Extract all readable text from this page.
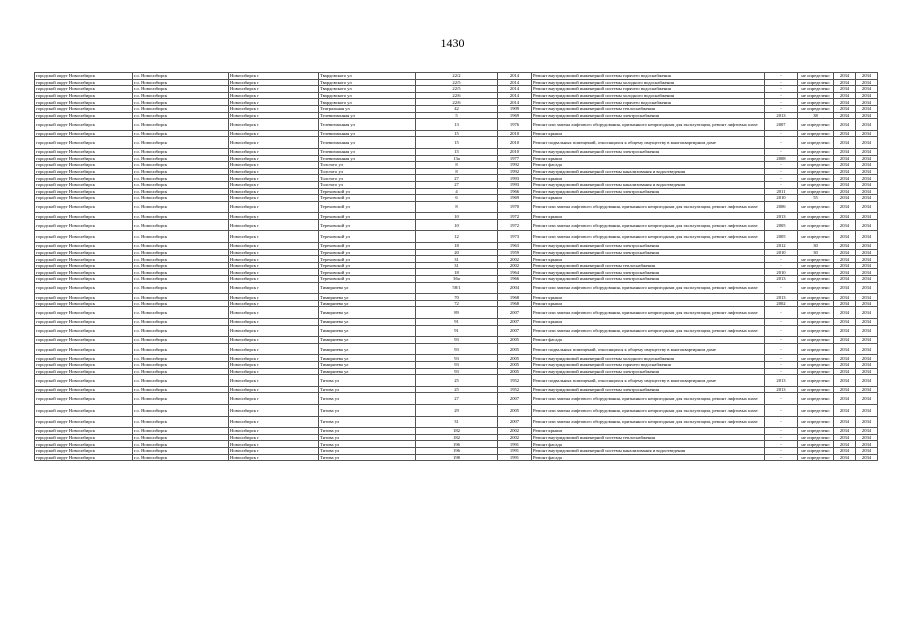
1430
городской округ Новосибирск	г.о. Новосибирск	Новосибирск г	Твардовского ул	22/2	2014	Ремонт внутридомовой инженерной системы горячего водоснабжения	-	не определено	2034	2034
городской округ Новосибирск	г.о. Новосибирск	Новосибирск г	Твардовского ул	22/5	2014	Ремонт внутридомовой инженерной системы холодного водоснабжения	-	не определено	2034	2034
городской округ Новосибирск	г.о. Новосибирск	Новосибирск г	Твардовского ул	22/5	2014	Ремонт внутридомовой инженерной системы горячего водоснабжения	-	не определено	2034	2034
городской округ Новосибирск	г.о. Новосибирск	Новосибирск г	Твардовского ул	22/6	2014	Ремонт внутридомовой инженерной системы холодного водоснабжения	-	не определено	2034	2034
городской округ Новосибирск	г.о. Новосибирск	Новосибирск г	Твардовского ул	22/6	2014	Ремонт внутридомовой инженерной системы горячего водоснабжения	-	не определено	2034	2034
городской округ Новосибирск	г.о. Новосибирск	Новосибирск г	Театральная ул	42	1909	Ремонт внутридомовой инженерной системы теплоснабжения	-	не определено	2034	2034
городской округ Новосибирск	г.о. Новосибирск	Новосибирск г	Телевизионная ул	5	1969	Ремонт внутридомовой инженерной системы электроснабжения	2013	38	2034	2034
городской округ Новосибирск	г.о. Новосибирск	Новосибирск г	Телевизионная ул	13	1976	Ремонт или замена лифтового оборудования, признанного непригодным для эксплуатации, ремонт лифтовых шахт	2007	не определено	2034	2034
городской округ Новосибирск	г.о. Новосибирск	Новосибирск г	Телевизионная ул	15	2010	Ремонт крыши	-	не определено	2034	2034
городской округ Новосибирск	г.о. Новосибирск	Новосибирск г	Телевизионная ул	15	2010	Ремонт подвальных помещений, относящихся к общему имуществу в многоквартирном доме	-	не определено	2034	2034
городской округ Новосибирск	г.о. Новосибирск	Новосибирск г	Телевизионная ул	15	2010	Ремонт внутридомовой инженерной системы электроснабжения	-	не определено	2034	2034
городской округ Новосибирск	г.о. Новосибирск	Новосибирск г	Телевизионная ул	13а	1977	Ремонт крыши	2008	не определено	2034	2034
городской округ Новосибирск	г.о. Новосибирск	Новосибирск г	Толстого ул	8	1992	Ремонт фасада	-	не определено	2034	2034
городской округ Новосибирск	г.о. Новосибирск	Новосибирск г	Толстого ул	8	1992	Ремонт внутридомовой инженерной системы канализования и водоотведения	-	не определено	2034	2034
городской округ Новосибирск	г.о. Новосибирск	Новосибирск г	Толстого ул	27	1993	Ремонт крыши	-	не определено	2034	2034
городской округ Новосибирск	г.о. Новосибирск	Новосибирск г	Толстого ул	27	1993	Ремонт внутридомовой инженерной системы канализования и водоотведения	-	не определено	2034	2034
городской округ Новосибирск	г.о. Новосибирск	Новосибирск г	Тереховской ул	4	1966	Ремонт внутридомовой инженерной системы электроснабжения	2011	не определено	2034	2034
городской округ Новосибирск	г.о. Новосибирск	Новосибирск г	Тереховской ул	6	1969	Ремонт крыши	2010	55	2034	2034
городской округ Новосибирск	г.о. Новосибирск	Новосибирск г	Тереховской ул	8	1970	Ремонт или замена лифтового оборудования, признанного непригодным для эксплуатации, ремонт лифтовых шахт	2006	не определено	2034	2034
городской округ Новосибирск	г.о. Новосибирск	Новосибирск г	Тереховской ул	10	1972	Ремонт крыши	2013	не определено	2034	2034
городской округ Новосибирск	г.о. Новосибирск	Новосибирск г	Тереховской ул	10	1972	Ремонт или замена лифтового оборудования, признанного непригодным для эксплуатации, ремонт лифтовых шахт	2005	не определено	2034	2034
городской округ Новосибирск	г.о. Новосибирск	Новосибирск г	Тереховской ул	12	1973	Ремонт или замена лифтового оборудования, признанного непригодным для эксплуатации, ремонт лифтовых шахт	2005	не определено	2034	2034
городской округ Новосибирск	г.о. Новосибирск	Новосибирск г	Тереховской ул	18	1963	Ремонт внутридомовой инженерной системы электроснабжения	2012	30	2034	2034
городской округ Новосибирск	г.о. Новосибирск	Новосибирск г	Тереховской ул	20	1959	Ремонт внутридомовой инженерной системы электроснабжения	2010	30	2034	2034
городской округ Новосибирск	г.о. Новосибирск	Новосибирск г	Тереховской ул	31	2002	Ремонт крыши	-	не определено	2034	2034
городской округ Новосибирск	г.о. Новосибирск	Новосибирск г	Тереховской ул	31	2002	Ремонт внутридомовой инженерной системы теплоснабжения	-	не определено	2034	2034
городской округ Новосибирск	г.о. Новосибирск	Новосибирск г	Тереховской ул	18	1964	Ремонт внутридомовой инженерной системы электроснабжения	2010	не определено	2034	2034
городской округ Новосибирск	г.о. Новосибирск	Новосибирск г	Тереховской ул	36а	1966	Ремонт внутридомовой инженерной системы электроснабжения	2013	не определено	2034	2034
городской округ Новосибирск	г.о. Новосибирск	Новосибирск г	Тимирязева ул	58/1	2004	Ремонт или замена лифтового оборудования, признанного непригодным для эксплуатации, ремонт лифтовых шахт	-	не определено	2034	2034
городской округ Новосибирск	г.о. Новосибирск	Новосибирск г	Тимирязева ул	70	1968	Ремонт крыши	2013	не определено	2034	2034
городской округ Новосибирск	г.о. Новосибирск	Новосибирск г	Тимирязева ул	72	1968	Ремонт крыши	2002	не определено	2034	2034
городской округ Новосибирск	г.о. Новосибирск	Новосибирск г	Тимирязева ул	89	2007	Ремонт или замена лифтового оборудования, признанного непригодным для эксплуатации, ремонт лифтовых шахт	-	не определено	2034	2034
городской округ Новосибирск	г.о. Новосибирск	Новосибирск г	Тимирязева ул	91	2007	Ремонт крыши	-	не определено	2034	2034
городской округ Новосибирск	г.о. Новосибирск	Новосибирск г	Тимирязева ул	91	2007	Ремонт или замена лифтового оборудования, признанного непригодным для эксплуатации, ремонт лифтовых шахт	-	не определено	2034	2034
городской округ Новосибирск	г.о. Новосибирск	Новосибирск г	Тимирязева ул	93	2005	Ремонт фасада	-	не определено	2034	2034
городской округ Новосибирск	г.о. Новосибирск	Новосибирск г	Тимирязева ул	93	2005	Ремонт подвальных помещений, относящихся к общему имуществу в многоквартирном доме	-	не определено	2034	2034
городской округ Новосибирск	г.о. Новосибирск	Новосибирск г	Тимирязева ул	93	2005	Ремонт внутридомовой инженерной системы холодного водоснабжения	-	не определено	2034	2034
городской округ Новосибирск	г.о. Новосибирск	Новосибирск г	Тимирязева ул	93	2005	Ремонт внутридомовой инженерной системы горячего водоснабжения	-	не определено	2034	2034
городской округ Новосибирск	г.о. Новосибирск	Новосибирск г	Тимирязева ул	93	2005	Ремонт внутридомовой инженерной системы электроснабжения	-	не определено	2034	2034
городской округ Новосибирск	г.о. Новосибирск	Новосибирск г	Титова ул	25	1952	Ремонт подвальных помещений, относящихся к общему имуществу в многоквартирном доме	2013	не определено	2034	2034
городской округ Новосибирск	г.о. Новосибирск	Новосибирск г	Титова ул	25	1952	Ремонт внутридомовой инженерной системы электроснабжения	2013	не определено	2034	2034
городской округ Новосибирск	г.о. Новосибирск	Новосибирск г	Титова ул	27	2007	Ремонт или замена лифтового оборудования, признанного непригодным для эксплуатации, ремонт лифтовых шахт	-	не определено	2034	2034
городской округ Новосибирск	г.о. Новосибирск	Новосибирск г	Титова ул	29	2005	Ремонт или замена лифтового оборудования, признанного непригодным для эксплуатации, ремонт лифтовых шахт	-	не определено	2034	2034
городской округ Новосибирск	г.о. Новосибирск	Новосибирск г	Титова ул	31	2007	Ремонт или замена лифтового оборудования, признанного непригодным для эксплуатации, ремонт лифтовых шахт	-	не определено	2034	2034
городской округ Новосибирск	г.о. Новосибирск	Новосибирск г	Титова ул	182	2002	Ремонт крыши	-	не определено	2034	2034
городской округ Новосибирск	г.о. Новосибирск	Новосибирск г	Титова ул	182	2002	Ремонт внутридомовой инженерной системы теплоснабжения	-	не определено	2034	2034
городской округ Новосибирск	г.о. Новосибирск	Новосибирск г	Титова ул	196	1991	Ремонт фасада	-	не определено	2034	2034
городской округ Новосибирск	г.о. Новосибирск	Новосибирск г	Титова ул	196	1991	Ремонт внутридомовой инженерной системы канализования и водоотведения	-	не определено	2034	2034
городской округ Новосибирск	г.о. Новосибирск	Новосибирск г	Титова ул	198	1991	Ремонт фасада	-	не определено	2034	2034
